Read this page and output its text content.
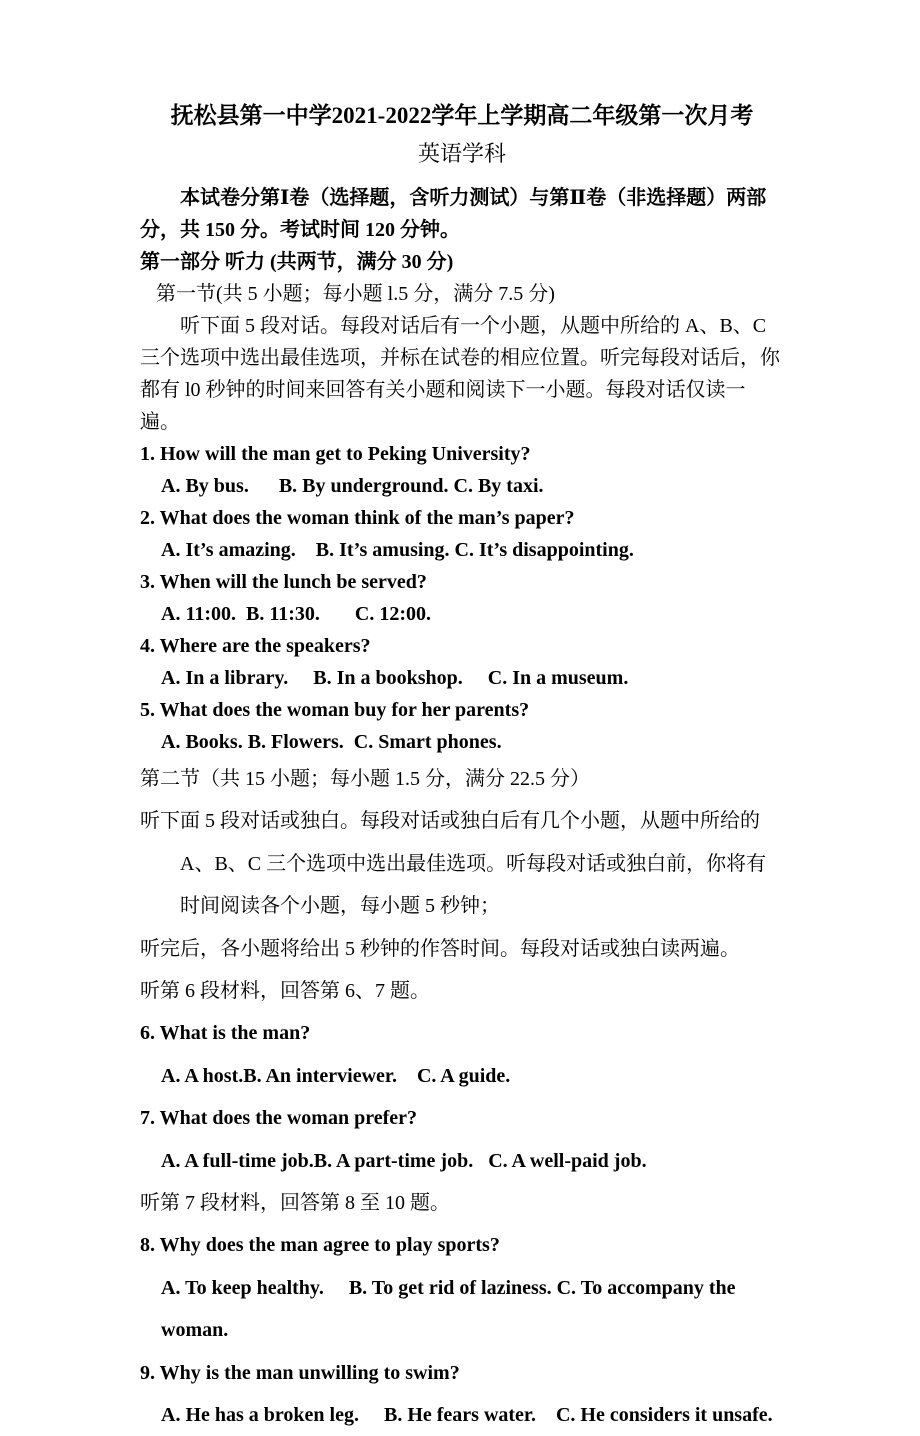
抚松县第一中学2021-2022学年上学期高二年级第一次月考
英语学科

本试卷分第Ⅰ卷（选择题，含听力测试）与第Ⅱ卷（非选择题）两部分，共 150 分。考试时间 120 分钟。

第一部分 听力 (共两节，满分 30 分)

第一节(共 5 小题；每小题 l.5 分，满分 7.5 分)

听下面 5 段对话。每段对话后有一个小题，从题中所给的 A、B、C 三个选项中选出最佳选项，并标在试卷的相应位置。听完每段对话后，你都有 l0 秒钟的时间来回答有关小题和阅读下一小题。每段对话仅读一遍。

1. How will the man get to Peking University?

A. By bus.      B. By underground. C. By taxi.

2. What does the woman think of the man’s paper?

A. It’s amazing.    B. It’s amusing. C. It’s disappointing.

3. When will the lunch be served?

A. 11:00.  B. 11:30.       C. 12:00.

4. Where are the speakers?

A. In a library.     B. In a bookshop.     C. In a museum.

5. What does the woman buy for her parents?

A. Books. B. Flowers.  C. Smart phones.

第二节（共 15 小题；每小题 1.5 分，满分 22.5 分）

听下面 5 段对话或独白。每段对话或独白后有几个小题，从题中所给的 A、B、C 三个选项中选出最佳选项。听每段对话或独白前，你将有时间阅读各个小题，每小题 5 秒钟；

听完后，各小题将给出 5 秒钟的作答时间。每段对话或独白读两遍。

听第 6 段材料，回答第 6、7 题。

6. What is the man?

A. A host.B. An interviewer.    C. A guide.

7. What does the woman prefer?

A. A full-time job.B. A part-time job.   C. A well-paid job.

听第 7 段材料，回答第 8 至 10 题。

8. Why does the man agree to play sports?

A. To keep healthy.     B. To get rid of laziness. C. To accompany the woman.

9. Why is the man unwilling to swim?

A. He has a broken leg.     B. He fears water.    C. He considers it unsafe.
